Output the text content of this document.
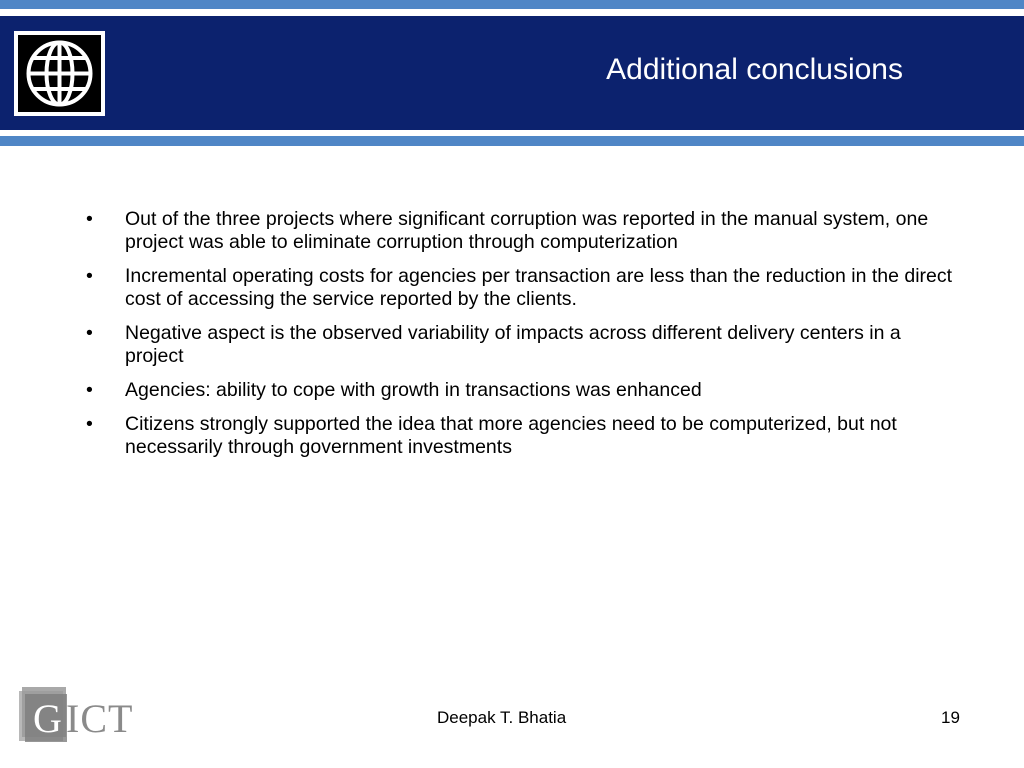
Additional conclusions
• Out of the three projects where significant corruption was reported in the manual system, one project was able to eliminate corruption through computerization
• Incremental operating costs for agencies per transaction are less than the reduction in the direct cost of accessing the service reported by the clients.
• Negative aspect is the observed variability of impacts across different delivery centers in a project
• Agencies: ability to cope with growth in transactions was enhanced
• Citizens strongly supported the idea that more agencies need to be computerized, but not necessarily through government investments
G ICT	Deepak T. Bhatia	19
